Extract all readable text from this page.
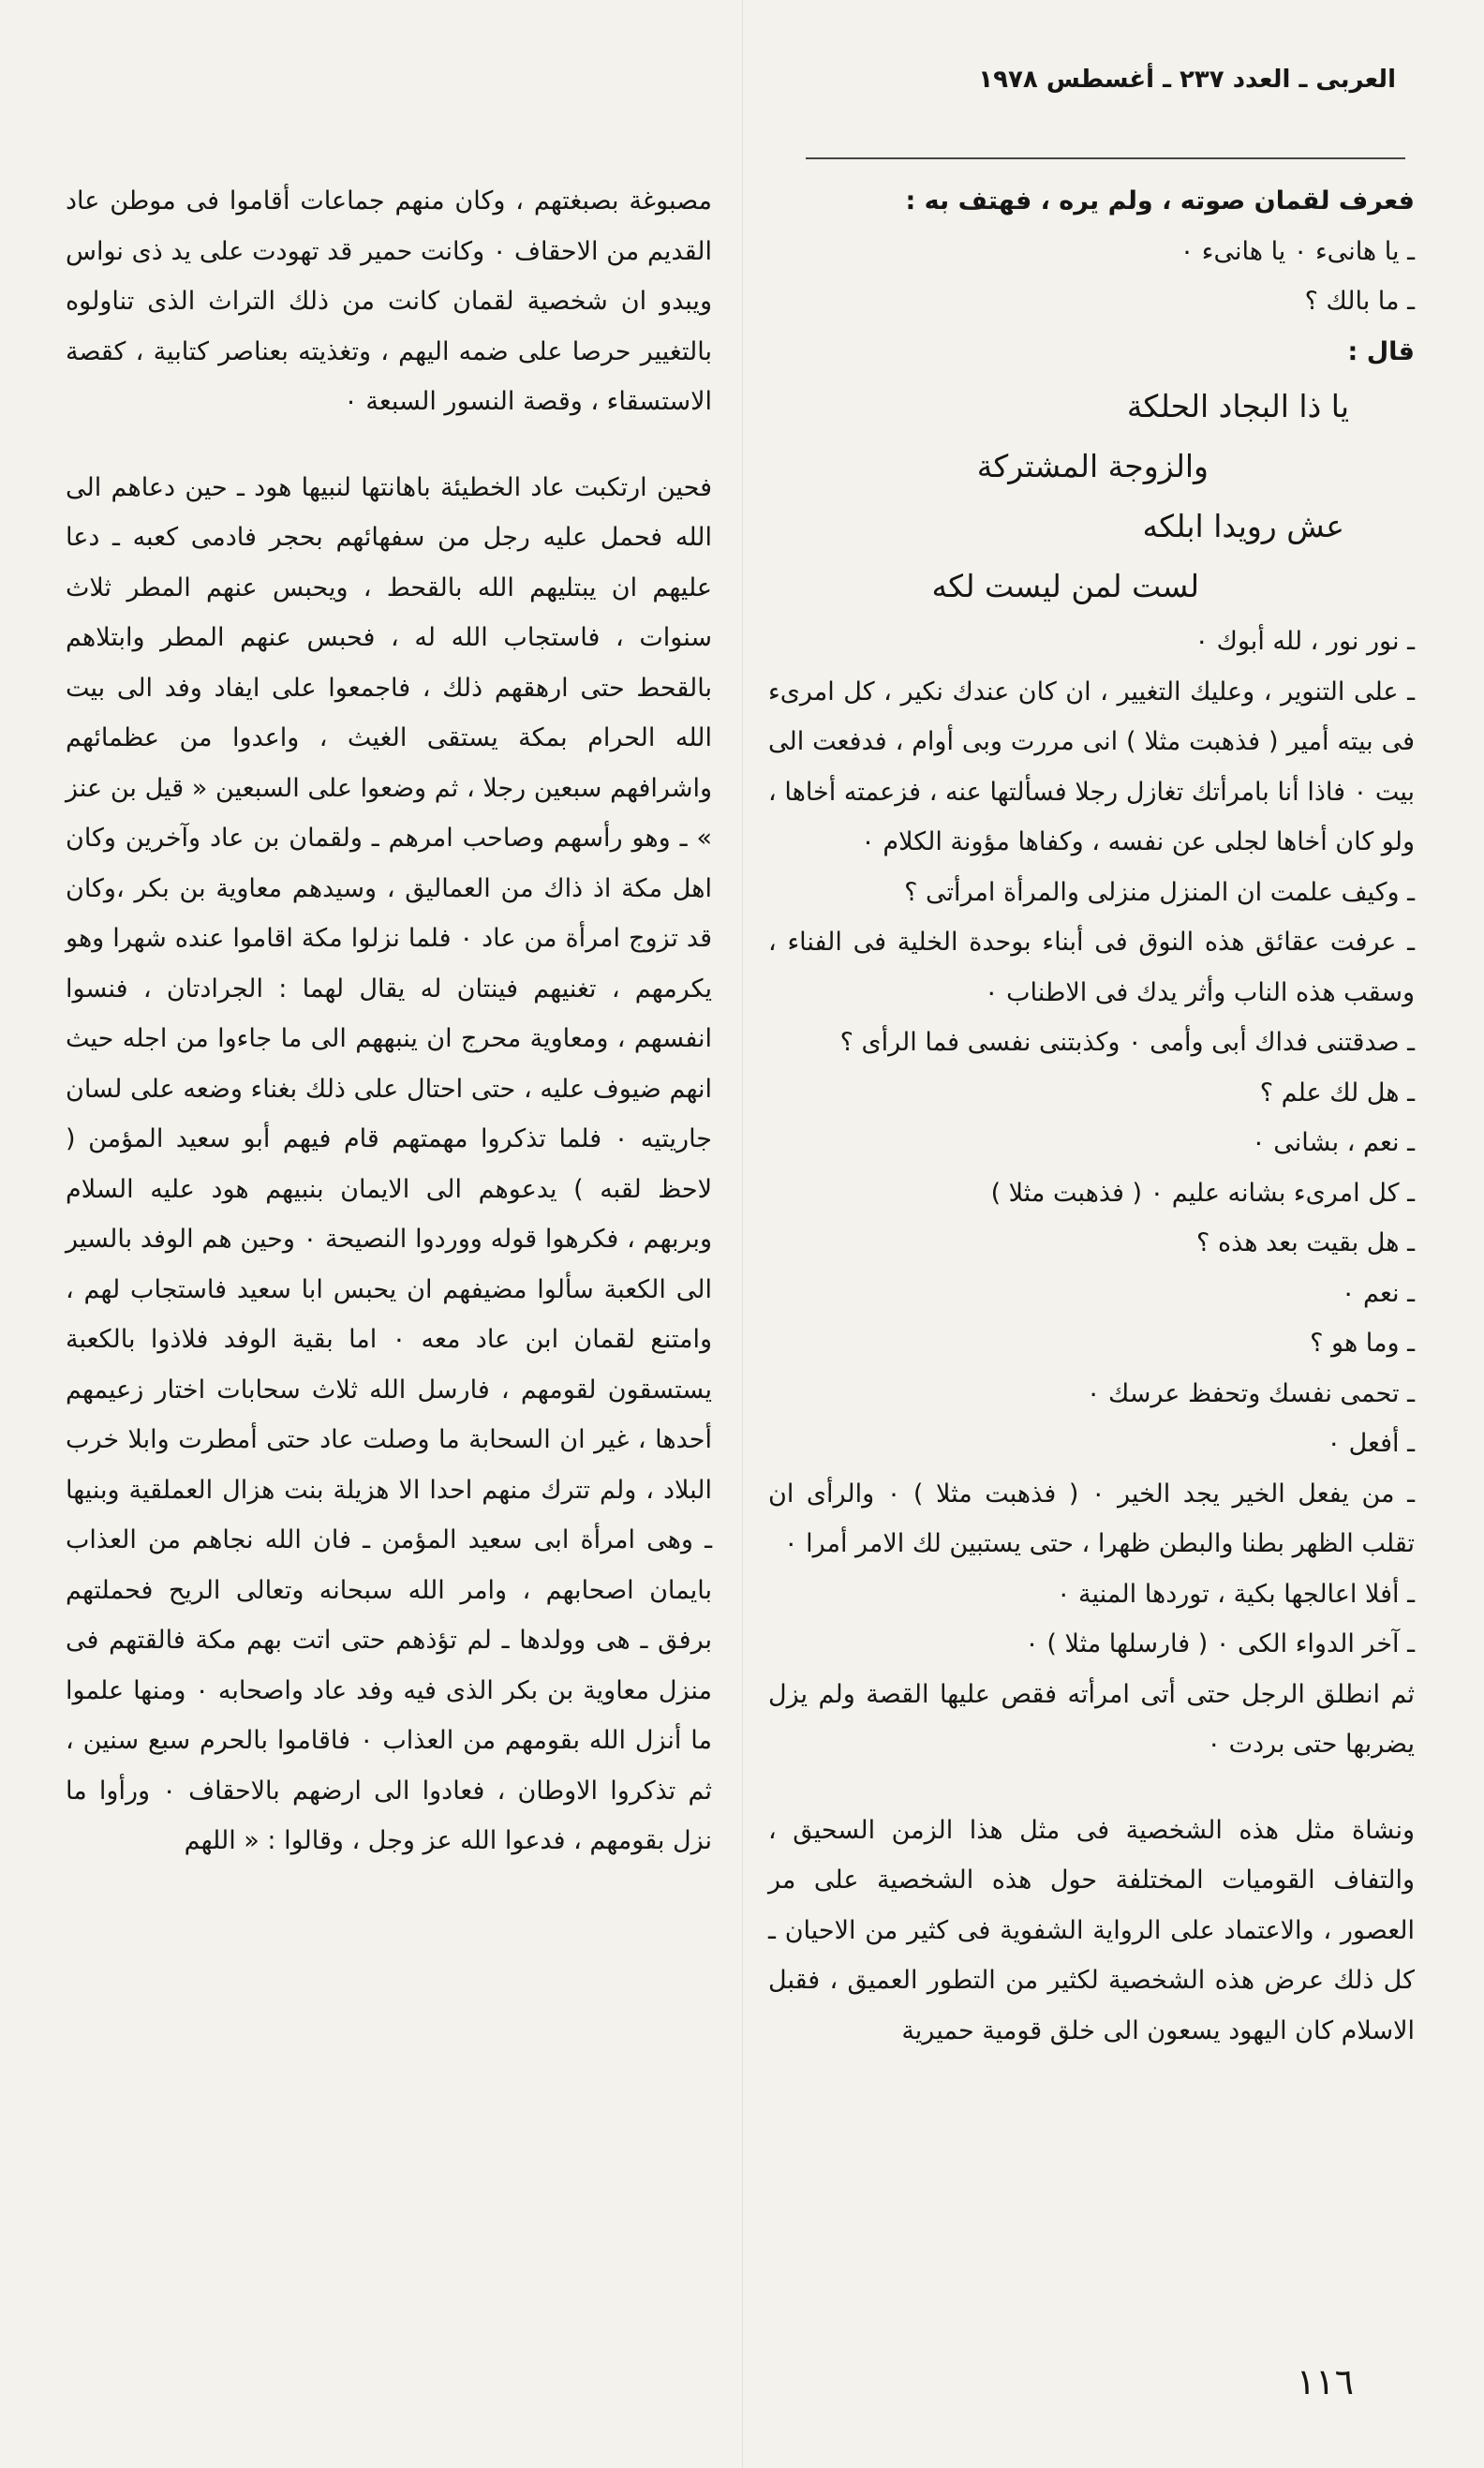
العربى ـ العدد ٢٣٧ ـ أغسطس ١٩٧٨

فعرف لقمان صوته ، ولم يره ، فهتف به :

ـ يا هانىء ٠ يا هانىء ٠

ـ ما بالك ؟

قال :

يا ذا البجاد الحلكة
والزوجة المشتركة
عش رويدا ابلكه
لست لمن ليست لكه

ـ نور نور ، لله أبوك ٠

ـ على التنوير ، وعليك التغيير ، ان كان عندك نكير ، كل امرىء فى بيته أمير ( فذهبت مثلا ) انى مررت وبى أوام ، فدفعت الى بيت ٠ فاذا أنا بامرأتك تغازل رجلا فسألتها عنه ، فزعمته أخاها ، ولو كان أخاها لجلى عن نفسه ، وكفاها مؤونة الكلام ٠

ـ وكيف علمت ان المنزل منزلى والمرأة امرأتى ؟

ـ عرفت عقائق هذه النوق فى أبناء بوحدة الخلية فى الفناء ، وسقب هذه الناب وأثر يدك فى الاطناب ٠

ـ صدقتنى فداك أبى وأمى ٠ وكذبتنى نفسى فما الرأى ؟

ـ هل لك علم ؟

ـ نعم ، بشانى ٠

ـ كل امرىء بشانه عليم ٠ ( فذهبت مثلا )

ـ هل بقيت بعد هذه ؟

ـ نعم ٠

ـ وما هو ؟

ـ تحمى نفسك وتحفظ عرسك ٠

ـ أفعل ٠

ـ من يفعل الخير يجد الخير ٠ ( فذهبت مثلا ) ٠ والرأى ان تقلب الظهر بطنا والبطن ظهرا ، حتى يستبين لك الامر أمرا ٠

ـ أفلا اعالجها بكية ، توردها المنية ٠

ـ آخر الدواء الكى ٠ ( فارسلها مثلا ) ٠

ثم انطلق الرجل حتى أتى امرأته فقص عليها القصة ولم يزل يضربها حتى بردت ٠

ونشاة مثل هذه الشخصية فى مثل هذا الزمن السحيق ، والتفاف القوميات المختلفة حول هذه الشخصية على مر العصور ، والاعتماد على الرواية الشفوية فى كثير من الاحيان ـ كل ذلك عرض هذه الشخصية لكثير من التطور العميق ، فقبل الاسلام كان اليهود يسعون الى خلق قومية حميرية

مصبوغة بصبغتهم ، وكان منهم جماعات أقاموا فى موطن عاد القديم من الاحقاف ٠ وكانت حمير قد تهودت على يد ذى نواس ويبدو ان شخصية لقمان كانت من ذلك التراث الذى تناولوه بالتغيير حرصا على ضمه اليهم ، وتغذيته بعناصر كتابية ، كقصة الاستسقاء ، وقصة النسور السبعة ٠

فحين ارتكبت عاد الخطيئة باهانتها لنبيها هود ـ حين دعاهم الى الله فحمل عليه رجل من سفهائهم بحجر فادمى كعبه ـ دعا عليهم ان يبتليهم الله بالقحط ، ويحبس عنهم المطر ثلاث سنوات ، فاستجاب الله له ، فحبس عنهم المطر وابتلاهم بالقحط حتى ارهقهم ذلك ، فاجمعوا على ايفاد وفد الى بيت الله الحرام بمكة يستقى الغيث ، واعدوا من عظمائهم واشرافهم سبعين رجلا ، ثم وضعوا على السبعين « قيل بن عنز » ـ وهو رأسهم وصاحب امرهم ـ ولقمان بن عاد وآخرين وكان اهل مكة اذ ذاك من العماليق ، وسيدهم معاوية بن بكر ،وكان قد تزوج امرأة من عاد ٠ فلما نزلوا مكة اقاموا عنده شهرا وهو يكرمهم ، تغنيهم فينتان له يقال لهما : الجرادتان ، فنسوا انفسهم ، ومعاوية محرج ان ينبههم الى ما جاءوا من اجله حيث انهم ضيوف عليه ، حتى احتال على ذلك بغناء وضعه على لسان جاريتيه ٠ فلما تذكروا مهمتهم قام فيهم أبو سعيد المؤمن ( لاحظ لقبه ) يدعوهم الى الايمان بنبيهم هود عليه السلام وبربهم ، فكرهوا قوله ووردوا النصيحة ٠ وحين هم الوفد بالسير الى الكعبة سألوا مضيفهم ان يحبس ابا سعيد فاستجاب لهم ، وامتنع لقمان ابن عاد معه ٠ اما بقية الوفد فلاذوا بالكعبة يستسقون لقومهم ، فارسل الله ثلاث سحابات اختار زعيمهم أحدها ، غير ان السحابة ما وصلت عاد حتى أمطرت وابلا خرب البلاد ، ولم تترك منهم احدا الا هزيلة بنت هزال العملقية وبنيها ـ وهى امرأة ابى سعيد المؤمن ـ فان الله نجاهم من العذاب بايمان اصحابهم ، وامر الله سبحانه وتعالى الريح فحملتهم برفق ـ هى وولدها ـ لم تؤذهم حتى اتت بهم مكة فالقتهم فى منزل معاوية بن بكر الذى فيه وفد عاد واصحابه ٠ ومنها علموا ما أنزل الله بقومهم من العذاب ٠ فاقاموا بالحرم سبع سنين ، ثم تذكروا الاوطان ، فعادوا الى ارضهم بالاحقاف ٠ ورأوا ما نزل بقومهم ، فدعوا الله عز وجل ، وقالوا : « اللهم

١١٦
